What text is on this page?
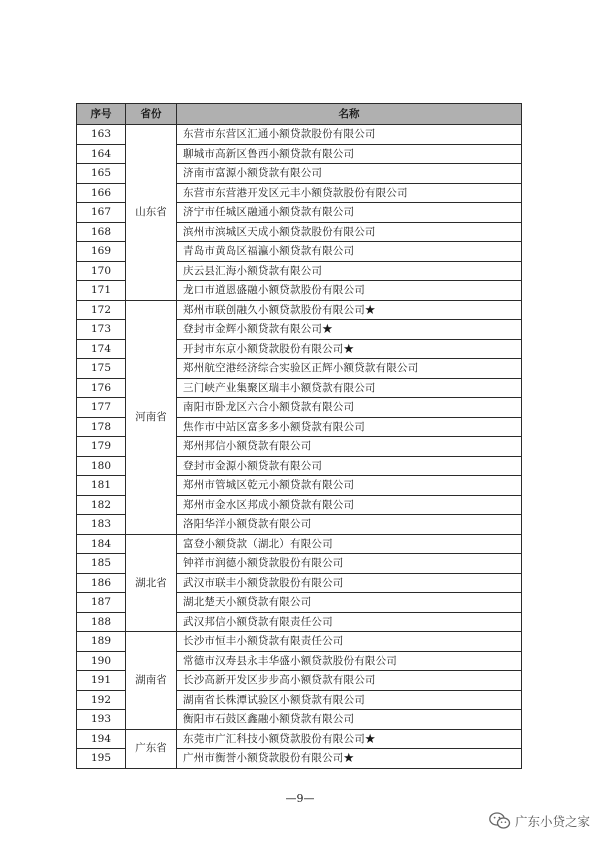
序号	省份	名称
163	山东省	东营市东营区汇通小额贷款股份有限公司
164		聊城市高新区鲁西小额贷款有限公司
165		济南市富源小额贷款有限公司
166		东营市东营港开发区元丰小额贷款股份有限公司
167		济宁市任城区融通小额贷款有限公司
168		滨州市滨城区天成小额贷款股份有限公司
169		青岛市黄岛区福瀛小额贷款有限公司
170		庆云县汇海小额贷款有限公司
171		龙口市道恩盛融小额贷款股份有限公司
172	河南省	郑州市联创融久小额贷款股份有限公司★
173		登封市金辉小额贷款有限公司★
174		开封市东京小额贷款股份有限公司★
175		郑州航空港经济综合实验区正辉小额贷款有限公司
176		三门峡产业集聚区瑞丰小额贷款有限公司
177		南阳市卧龙区六合小额贷款有限公司
178		焦作市中站区富多多小额贷款有限公司
179		郑州邦信小额贷款有限公司
180		登封市金源小额贷款有限公司
181		郑州市管城区乾元小额贷款有限公司
182		郑州市金水区邦成小额贷款有限公司
183		洛阳华洋小额贷款有限公司
184	湖北省	富登小额贷款（湖北）有限公司
185		钟祥市润德小额贷款股份有限公司
186		武汉市联丰小额贷款股份有限公司
187		湖北楚天小额贷款有限公司
188		武汉邦信小额贷款有限责任公司
189	湖南省	长沙市恒丰小额贷款有限责任公司
190		常德市汉寿县永丰华盛小额贷款股份有限公司
191		长沙高新开发区步步高小额贷款有限公司
192		湖南省长株潭试验区小额贷款有限公司
193		衡阳市石鼓区鑫融小额贷款有限公司
194	广东省	东莞市广汇科技小额贷款股份有限公司★
195		广州市衡誉小额贷款股份有限公司★
—9—
广东小贷之家
